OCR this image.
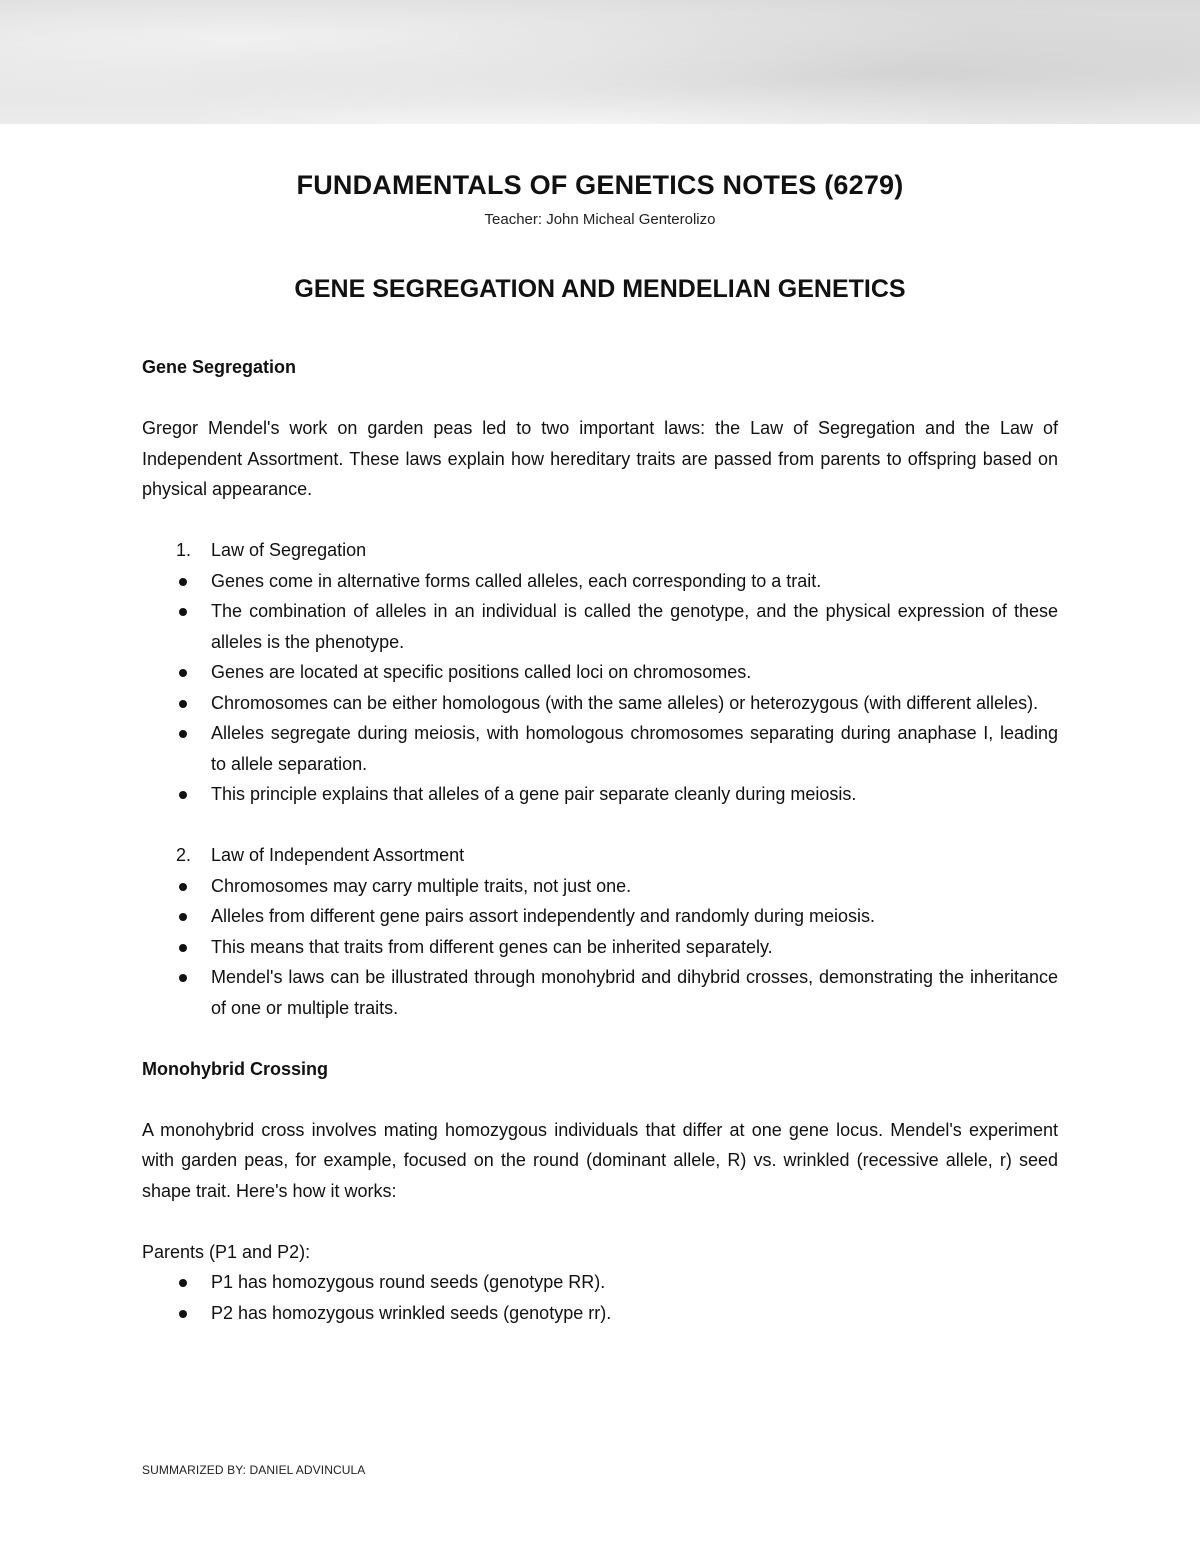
FUNDAMENTALS OF GENETICS NOTES (6279)
Teacher: John Micheal Genterolizo
GENE SEGREGATION AND MENDELIAN GENETICS

Gene Segregation

Gregor Mendel's work on garden peas led to two important laws: the Law of Segregation and the Law of Independent Assortment. These laws explain how hereditary traits are passed from parents to offspring based on physical appearance.

1. Law of Segregation
Genes come in alternative forms called alleles, each corresponding to a trait.
The combination of alleles in an individual is called the genotype, and the physical expression of these alleles is the phenotype.
Genes are located at specific positions called loci on chromosomes.
Chromosomes can be either homologous (with the same alleles) or heterozygous (with different alleles).
Alleles segregate during meiosis, with homologous chromosomes separating during anaphase I, leading to allele separation.
This principle explains that alleles of a gene pair separate cleanly during meiosis.
2. Law of Independent Assortment
Chromosomes may carry multiple traits, not just one.
Alleles from different gene pairs assort independently and randomly during meiosis.
This means that traits from different genes can be inherited separately.
Mendel's laws can be illustrated through monohybrid and dihybrid crosses, demonstrating the inheritance of one or multiple traits.

Monohybrid Crossing

A monohybrid cross involves mating homozygous individuals that differ at one gene locus. Mendel's experiment with garden peas, for example, focused on the round (dominant allele, R) vs. wrinkled (recessive allele, r) seed shape trait. Here's how it works:

Parents (P1 and P2):

P1 has homozygous round seeds (genotype RR).
P2 has homozygous wrinkled seeds (genotype rr).
SUMMARIZED BY: DANIEL ADVINCULA
